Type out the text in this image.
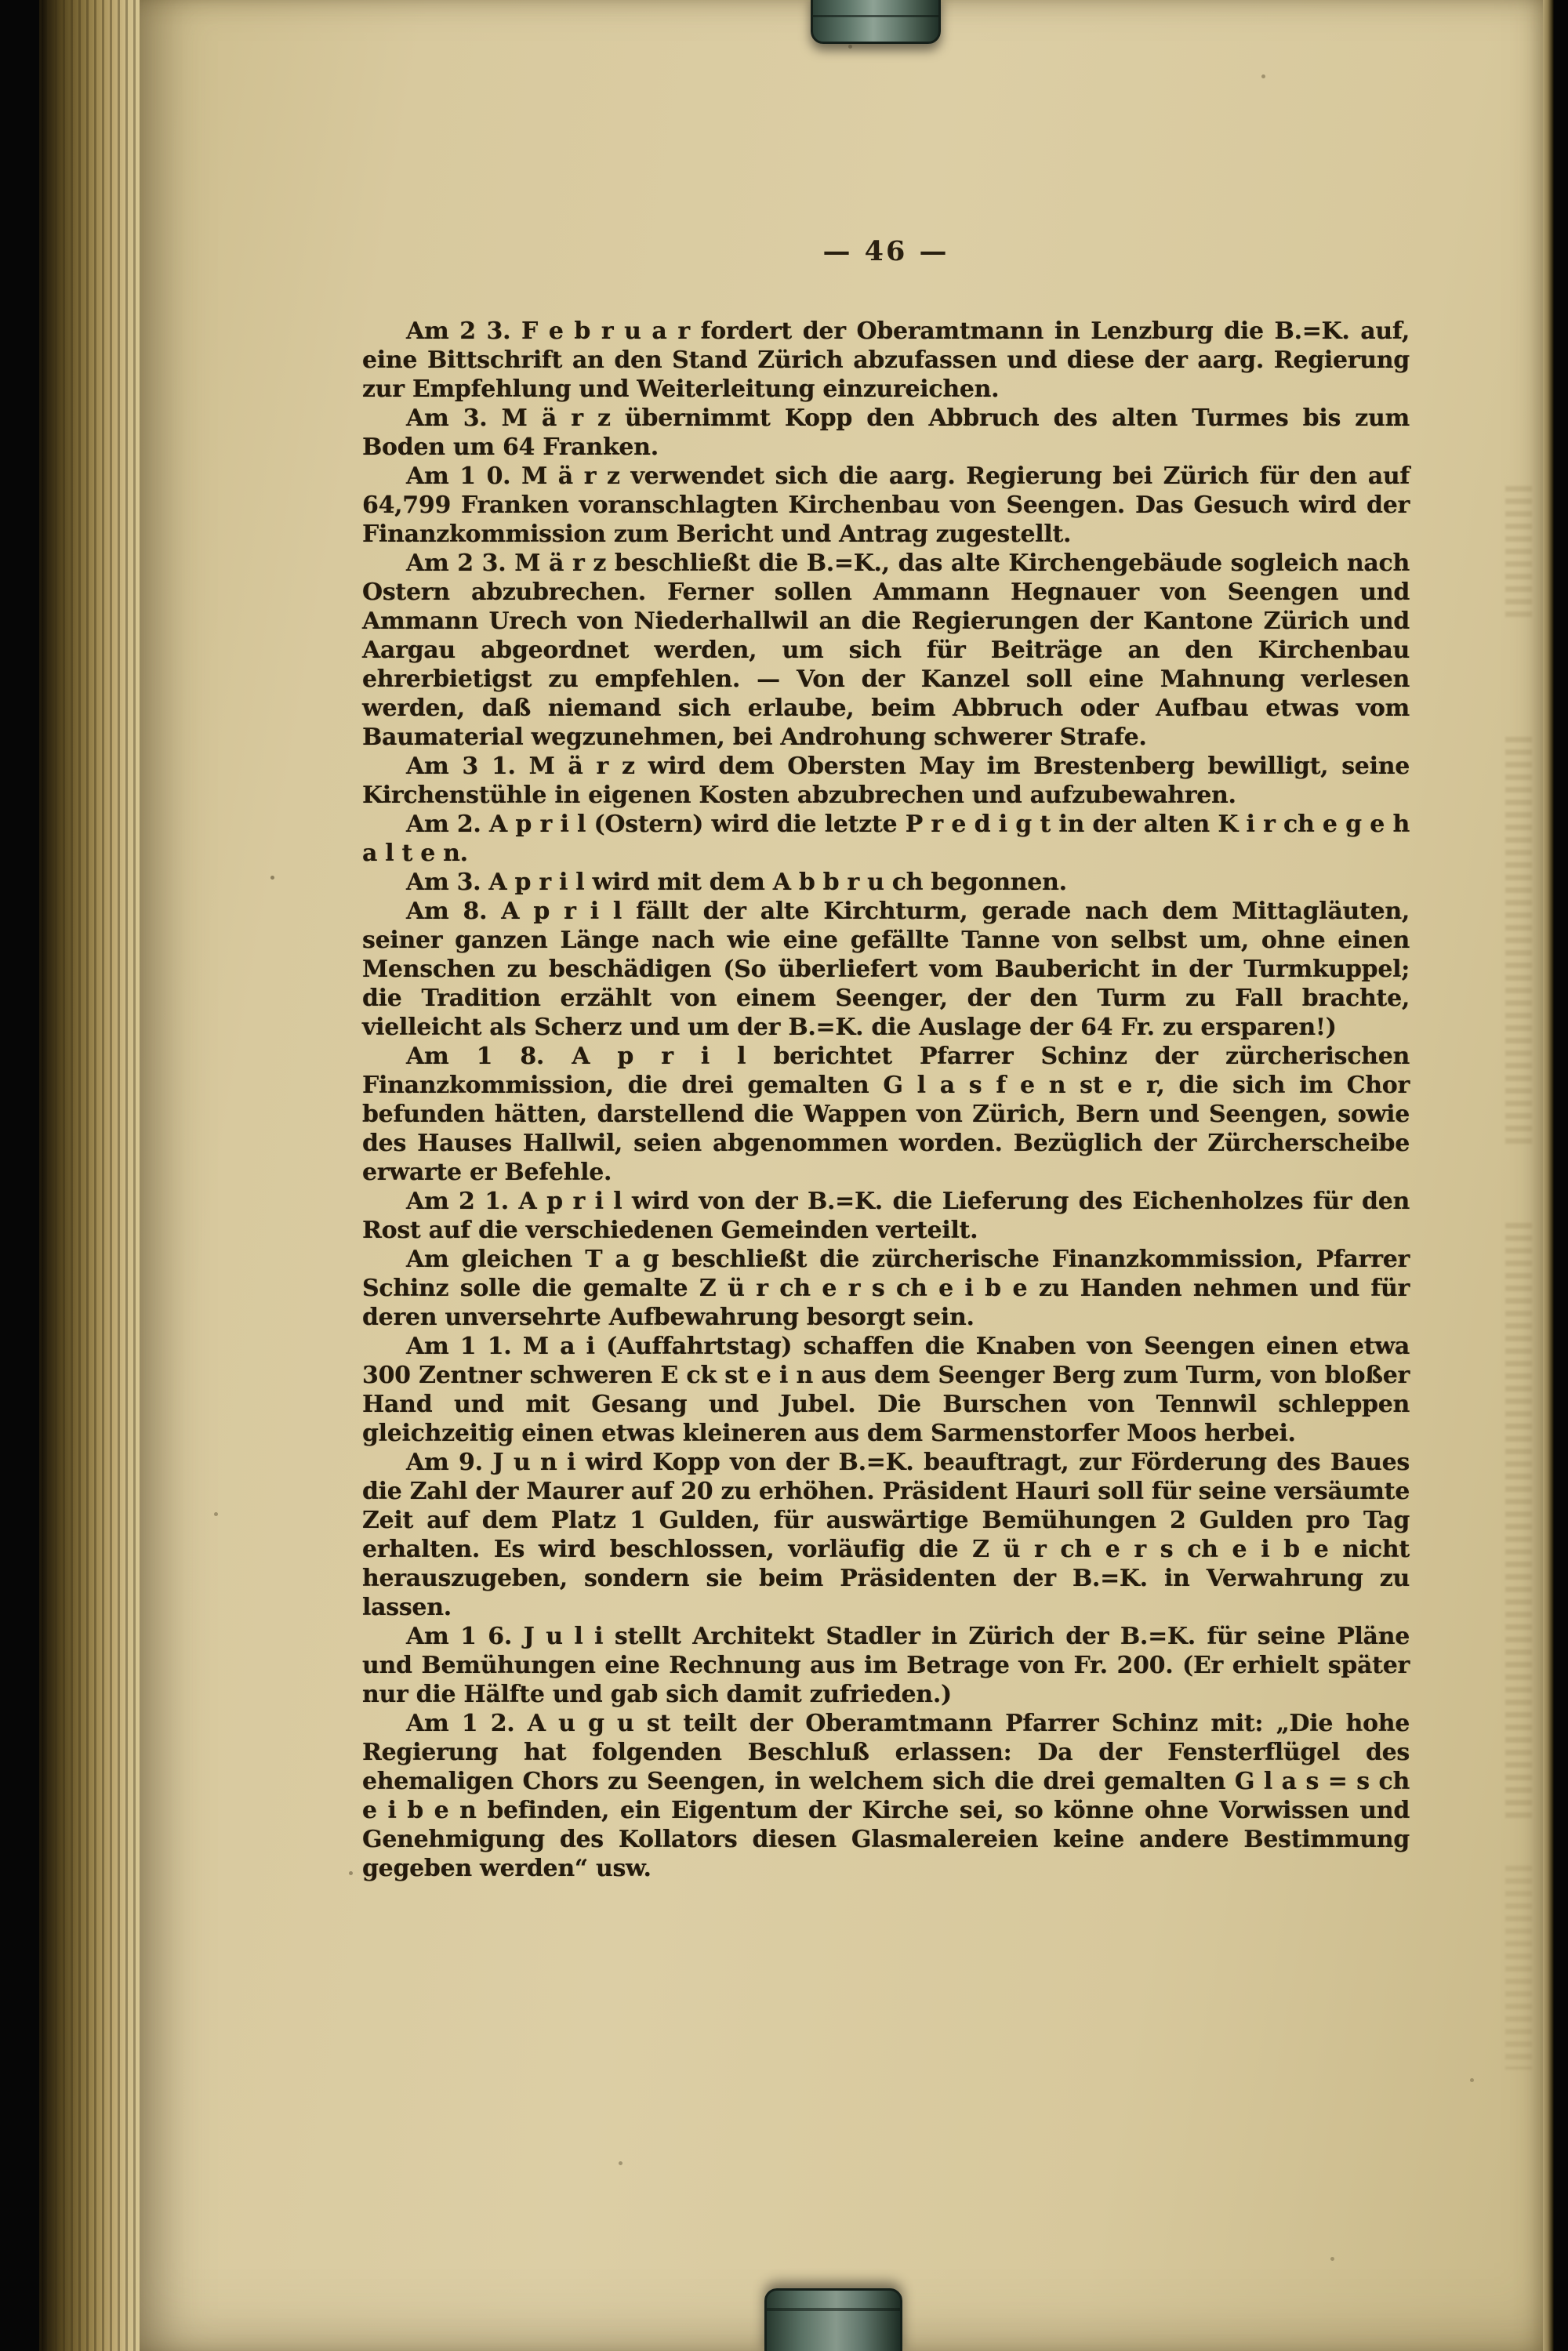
— 46 —

Am 2 3. F e b r u a r fordert der Oberamtmann in Lenzburg die B.=K. auf, eine Bittschrift an den Stand Zürich abzufassen und diese der aarg. Regierung zur Empfehlung und Weiterleitung einzureichen.

Am 3. M ä r z übernimmt Kopp den Abbruch des alten Turmes bis zum Boden um 64 Franken.

Am 1 0. M ä r z verwendet sich die aarg. Regierung bei Zürich für den auf 64,799 Franken voranschlagten Kirchenbau von Seengen. Das Gesuch wird der Finanzkommission zum Bericht und Antrag zugestellt.

Am 2 3. M ä r z beschließt die B.=K., das alte Kirchengebäude sogleich nach Ostern abzubrechen. Ferner sollen Ammann Hegnauer von Seengen und Ammann Urech von Niederhallwil an die Regierungen der Kantone Zürich und Aargau abgeordnet werden, um sich für Beiträge an den Kirchenbau ehrerbietigst zu empfehlen. — Von der Kanzel soll eine Mahnung verlesen werden, daß niemand sich erlaube, beim Abbruch oder Aufbau etwas vom Baumaterial wegzunehmen, bei Androhung schwerer Strafe.

Am 3 1. M ä r z wird dem Obersten May im Brestenberg bewilligt, seine Kirchenstühle in eigenen Kosten abzubrechen und aufzubewahren.

Am 2. A p r i l (Ostern) wird die letzte P r e d i g t in der alten K i r ch e g e h a l t e n.

Am 3. A p r i l wird mit dem A b b r u ch begonnen.

Am 8. A p r i l fällt der alte Kirchturm, gerade nach dem Mittagläuten, seiner ganzen Länge nach wie eine gefällte Tanne von selbst um, ohne einen Menschen zu beschädigen (So überliefert vom Baubericht in der Turmkuppel; die Tradition erzählt von einem Seenger, der den Turm zu Fall brachte, vielleicht als Scherz und um der B.=K. die Auslage der 64 Fr. zu ersparen!)

Am 1 8. A p r i l berichtet Pfarrer Schinz der zürcherischen Finanzkommission, die drei gemalten G l a s f e n st e r, die sich im Chor befunden hätten, darstellend die Wappen von Zürich, Bern und Seengen, sowie des Hauses Hallwil, seien abgenommen worden. Bezüglich der Zürcherscheibe erwarte er Befehle.

Am 2 1. A p r i l wird von der B.=K. die Lieferung des Eichenholzes für den Rost auf die verschiedenen Gemeinden verteilt.

Am gleichen T a g beschließt die zürcherische Finanzkommission, Pfarrer Schinz solle die gemalte Z ü r ch e r s ch e i b e zu Handen nehmen und für deren unversehrte Aufbewahrung besorgt sein.

Am 1 1. M a i (Auffahrtstag) schaffen die Knaben von Seengen einen etwa 300 Zentner schweren E ck st e i n aus dem Seenger Berg zum Turm, von bloßer Hand und mit Gesang und Jubel. Die Burschen von Tennwil schleppen gleichzeitig einen etwas kleineren aus dem Sarmenstorfer Moos herbei.

Am 9. J u n i wird Kopp von der B.=K. beauftragt, zur Förderung des Baues die Zahl der Maurer auf 20 zu erhöhen. Präsident Hauri soll für seine versäumte Zeit auf dem Platz 1 Gulden, für auswärtige Bemühungen 2 Gulden pro Tag erhalten. Es wird beschlossen, vorläufig die Z ü r ch e r s ch e i b e nicht herauszugeben, sondern sie beim Präsidenten der B.=K. in Verwahrung zu lassen.

Am 1 6. J u l i stellt Architekt Stadler in Zürich der B.=K. für seine Pläne und Bemühungen eine Rechnung aus im Betrage von Fr. 200. (Er erhielt später nur die Hälfte und gab sich damit zufrieden.)

Am 1 2. A u g u st teilt der Oberamtmann Pfarrer Schinz mit: „Die hohe Regierung hat folgenden Beschluß erlassen: Da der Fensterflügel des ehemaligen Chors zu Seengen, in welchem sich die drei gemalten G l a s = s ch e i b e n befinden, ein Eigentum der Kirche sei, so könne ohne Vorwissen und Genehmigung des Kollators diesen Glasmalereien keine andere Bestimmung gegeben werden“ usw.
